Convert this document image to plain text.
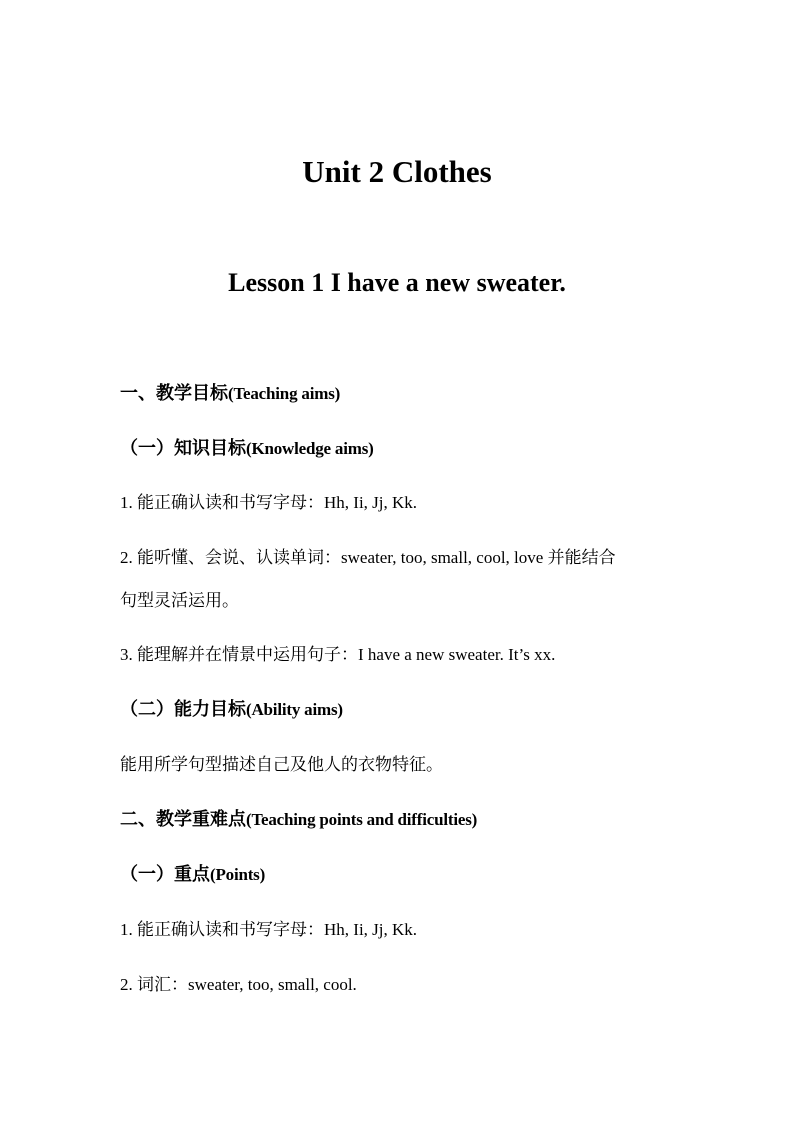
Unit 2 Clothes
Lesson 1 I have a new sweater.
一、教学目标(Teaching aims)
（一）知识目标(Knowledge aims)
1. 能正确认读和书写字母：Hh, Ii, Jj, Kk.
2. 能听懂、会说、认读单词：sweater, too, small, cool, love 并能结合
句型灵活运用。
3. 能理解并在情景中运用句子：I have a new sweater. It’s xx.
（二）能力目标(Ability aims)
能用所学句型描述自己及他人的衣物特征。
二、教学重难点(Teaching points and difficulties)
（一）重点(Points)
1. 能正确认读和书写字母：Hh, Ii, Jj, Kk.
2. 词汇：sweater, too, small, cool.
